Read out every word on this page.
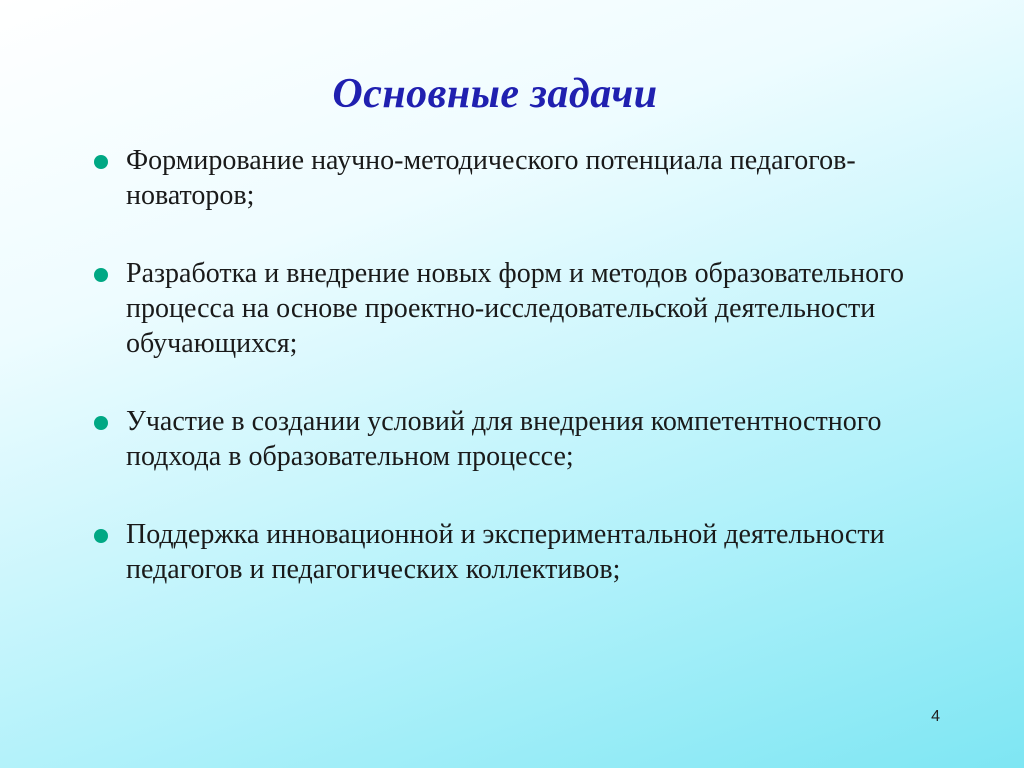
Основные задачи
Формирование научно-методического потенциала педагогов-новаторов;
Разработка и внедрение новых форм и методов образовательного процесса на основе проектно-исследовательской деятельности обучающихся;
Участие в создании условий для внедрения компетентностного подхода в образовательном процессе;
Поддержка инновационной и экспериментальной деятельности педагогов и педагогических коллективов;
4
